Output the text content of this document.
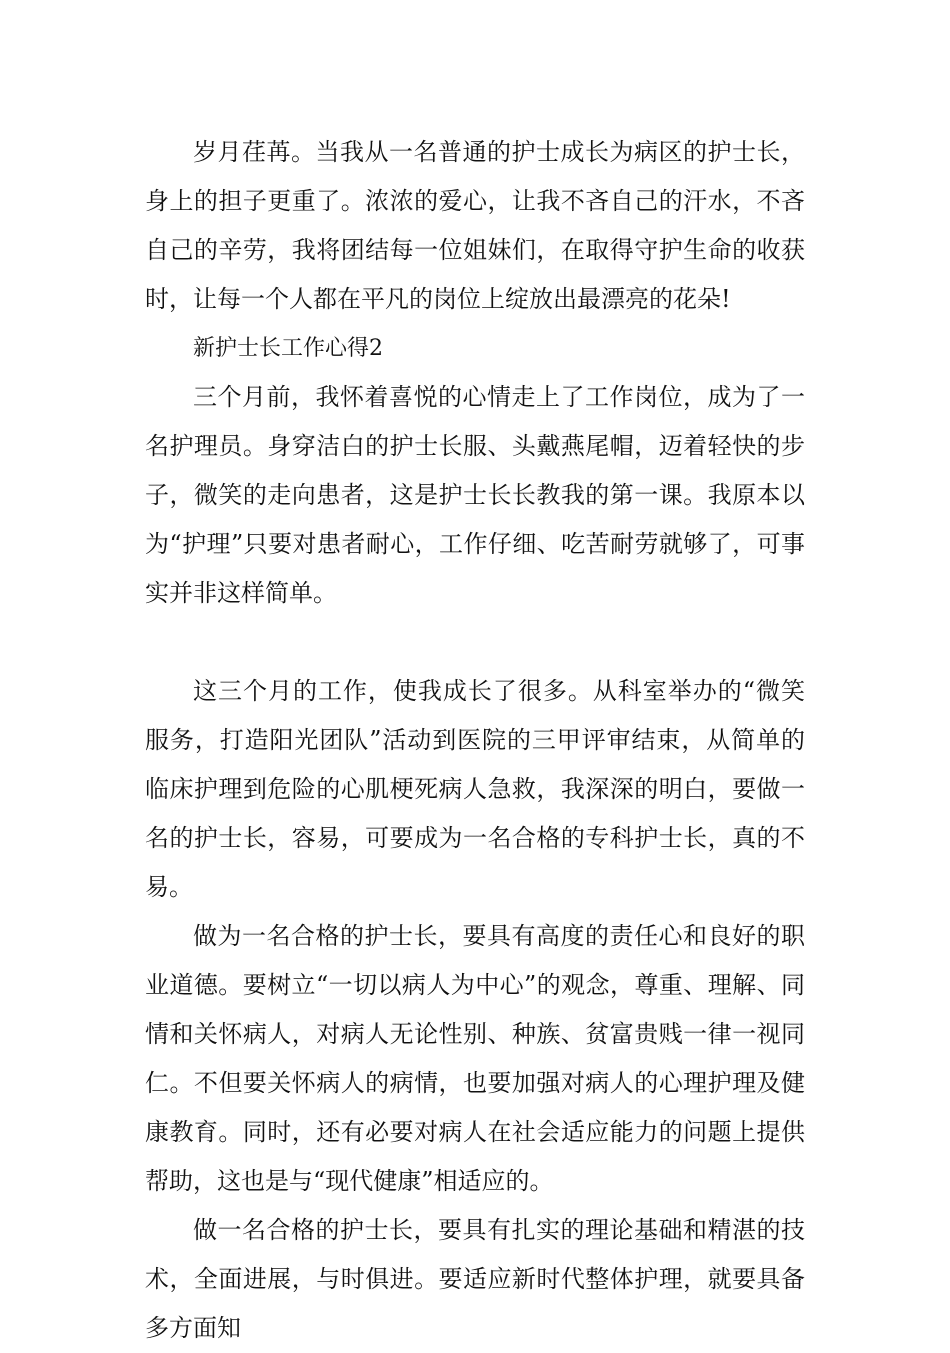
岁月荏苒。当我从一名普通的护士成长为病区的护士长，身上的担子更重了。浓浓的爱心，让我不吝自己的汗水，不吝自己的辛劳，我将团结每一位姐妹们，在取得守护生命的收获时，让每一个人都在平凡的岗位上绽放出最漂亮的花朵!

新护士长工作心得2

三个月前，我怀着喜悦的心情走上了工作岗位，成为了一名护理员。身穿洁白的护士长服、头戴燕尾帽，迈着轻快的步子，微笑的走向患者，这是护士长长教我的第一课。我原本以为“护理”只要对患者耐心，工作仔细、吃苦耐劳就够了，可事实并非这样简单。

这三个月的工作，使我成长了很多。从科室举办的“微笑服务，打造阳光团队”活动到医院的三甲评审结束，从简单的临床护理到危险的心肌梗死病人急救，我深深的明白，要做一名的护士长，容易，可要成为一名合格的专科护士长，真的不易。

做为一名合格的护士长，要具有高度的责任心和良好的职业道德。要树立“一切以病人为中心”的观念，尊重、理解、同情和关怀病人，对病人无论性别、种族、贫富贵贱一律一视同仁。不但要关怀病人的病情，也要加强对病人的心理护理及健康教育。同时，还有必要对病人在社会适应能力的问题上提供帮助，这也是与“现代健康”相适应的。

做一名合格的护士长，要具有扎实的理论基础和精湛的技术，全面进展，与时俱进。要适应新时代整体护理，就要具备多方面知
